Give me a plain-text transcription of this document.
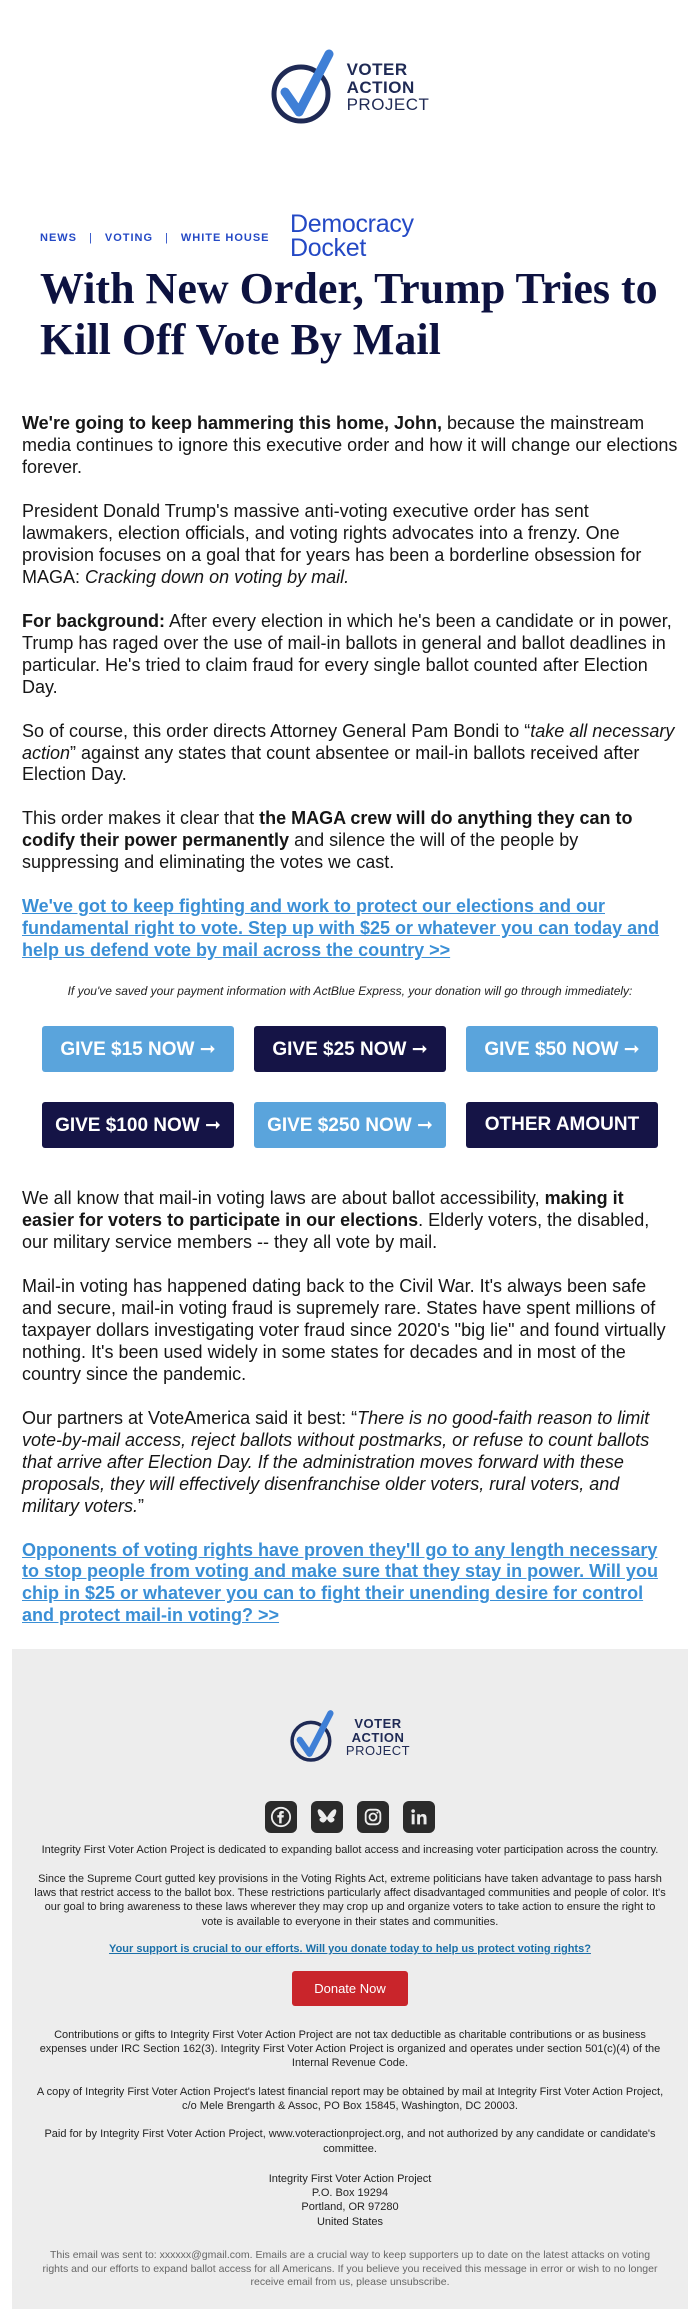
VOTER
ACTION
PROJECT
Democracy
Docket
NEWS | VOTING | WHITE HOUSE
With New Order, Trump Tries to Kill Off Vote By Mail

We're going to keep hammering this home, John, because the mainstream media continues to ignore this executive order and how it will change our elections forever.

President Donald Trump's massive anti-voting executive order has sent lawmakers, election officials, and voting rights advocates into a frenzy. One provision focuses on a goal that for years has been a borderline obsession for MAGA: Cracking down on voting by mail.

For background: After every election in which he's been a candidate or in power, Trump has raged over the use of mail-in ballots in general and ballot deadlines in particular. He's tried to claim fraud for every single ballot counted after Election Day.

So of course, this order directs Attorney General Pam Bondi to “take all necessary action” against any states that count absentee or mail-in ballots received after Election Day.

This order makes it clear that the MAGA crew will do anything they can to codify their power permanently and silence the will of the people by suppressing and eliminating the votes we cast.

We've got to keep fighting and work to protect our elections and our fundamental right to vote. Step up with $25 or whatever you can today and help us defend vote by mail across the country >>
If you've saved your payment information with ActBlue Express, your donation will go through immediately:
GIVE $15 NOW ➞	GIVE $25 NOW ➞	GIVE $50 NOW ➞
GIVE $100 NOW ➞	GIVE $250 NOW ➞	OTHER AMOUNT

We all know that mail-in voting laws are about ballot accessibility, making it easier for voters to participate in our elections. Elderly voters, the disabled, our military service members -- they all vote by mail.

Mail-in voting has happened dating back to the Civil War. It's always been safe and secure, mail-in voting fraud is supremely rare. States have spent millions of taxpayer dollars investigating voter fraud since 2020's "big lie" and found virtually nothing. It's been used widely in some states for decades and in most of the country since the pandemic.

Our partners at VoteAmerica said it best: “There is no good-faith reason to limit vote-by-mail access, reject ballots without postmarks, or refuse to count ballots that arrive after Election Day. If the administration moves forward with these proposals, they will effectively disenfranchise older voters, rural voters, and military voters.”

Opponents of voting rights have proven they'll go to any length necessary to stop people from voting and make sure that they stay in power. Will you chip in $25 or whatever you can to fight their unending desire for control and protect mail-in voting? >>
VOTER
ACTION
PROJECT
Integrity First Voter Action Project is dedicated to expanding ballot access and increasing voter participation across the country.
Since the Supreme Court gutted key provisions in the Voting Rights Act, extreme politicians have taken advantage to pass harsh laws that restrict access to the ballot box. These restrictions particularly affect disadvantaged communities and people of color. It's our goal to bring awareness to these laws wherever they may crop up and organize voters to take action to ensure the right to vote is available to everyone in their states and communities.
Your support is crucial to our efforts. Will you donate today to help us protect voting rights?
Donate Now
Contributions or gifts to Integrity First Voter Action Project are not tax deductible as charitable contributions or as business expenses under IRC Section 162(3). Integrity First Voter Action Project is organized and operates under section 501(c)(4) of the Internal Revenue Code.
A copy of Integrity First Voter Action Project's latest financial report may be obtained by mail at Integrity First Voter Action Project, c/o Mele Brengarth & Assoc, PO Box 15845, Washington, DC 20003.
Paid for by Integrity First Voter Action Project, www.voteractionproject.org, and not authorized by any candidate or candidate's committee.
Integrity First Voter Action Project
P.O. Box 19294
Portland, OR 97280
United States
This email was sent to: xxxxxx@gmail.com. Emails are a crucial way to keep supporters up to date on the latest attacks on voting rights and our efforts to expand ballot access for all Americans. If you believe you received this message in error or wish to no longer receive email from us, please unsubscribe.
